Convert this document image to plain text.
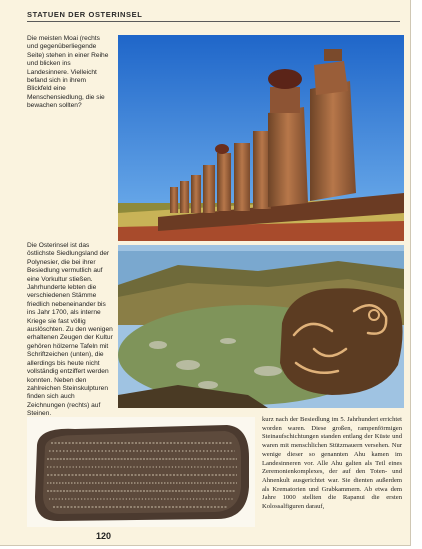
STATUEN DER OSTERINSEL
Die meisten Moai (rechts und gegenüberliegende Seite) stehen in einer Reihe und blicken ins Landesinnere. Vielleicht befand sich in ihrem Blickfeld eine Menschensiedlung, die sie bewachen sollten?
Die Osterinsel ist das östlichste Siedlungsland der Polynesier, die bei ihrer Besiedlung vermutlich auf eine Vorkultur stießen. Jahrhunderte lebten die verschiedenen Stämme friedlich nebeneinander bis ins Jahr 1700, als interne Kriege sie fast völlig auslöschten. Zu den wenigen erhaltenen Zeugen der Kultur gehören hölzerne Tafeln mit Schriftzeichen (unten), die allerdings bis heute nicht vollständig entziffert werden konnten. Neben den zahlreichen Steinskulpturen finden sich auch Zeichnungen (rechts) auf Steinen.
kurz nach der Besiedlung im 5. Jahrhundert errichtet worden waren. Diese großen, rampenförmigen Steinaufschichtungen standen entlang der Küste und waren mit menschlichen Stützmauern versehen. Nur wenige dieser so genannten Ahu kamen im Landesinneren vor. Alle Ahu galten als Teil eines Zeremonienkomplexes, der auf den Toten- und Ahnenkult ausgerichtet war. Sie dienten außerdem als Krematorien und Grabkammern. Ab etwa dem Jahre 1000 stellten die Rapanui die ersten Kolossalfiguren darauf,
120
